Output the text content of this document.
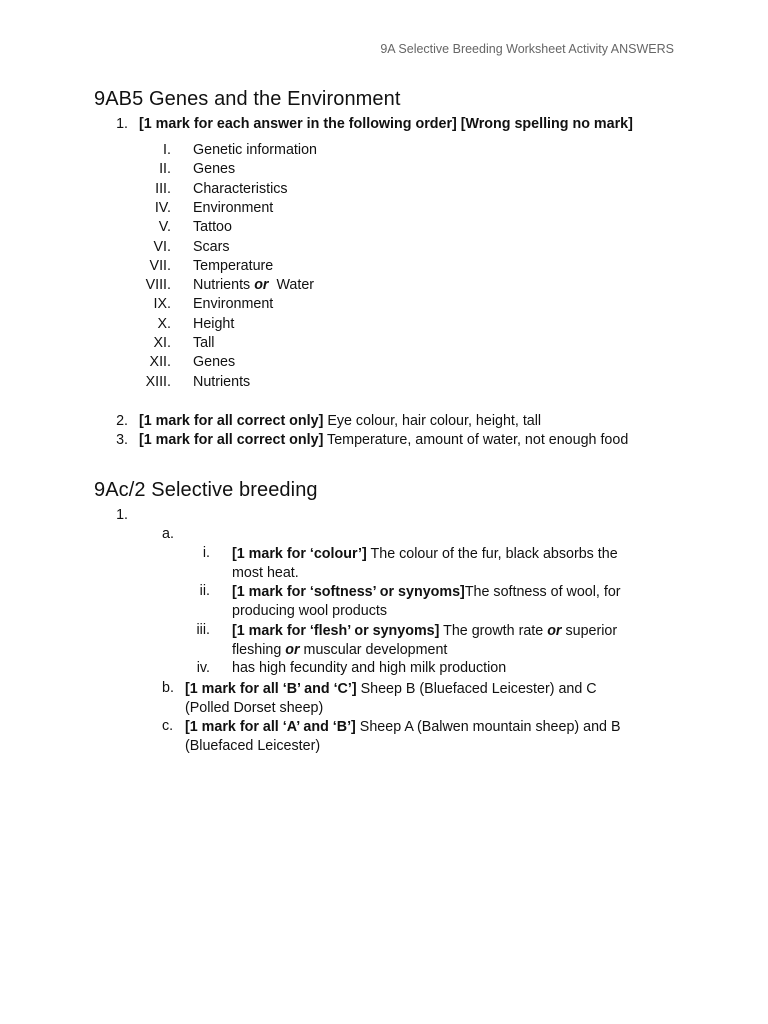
9A Selective Breeding Worksheet Activity ANSWERS
9AB5 Genes and the Environment
1. [1 mark for each answer in the following order] [Wrong spelling no mark]
I. Genetic information
II. Genes
III. Characteristics
IV. Environment
V. Tattoo
VI. Scars
VII. Temperature
VIII. Nutrients or Water
IX. Environment
X. Height
XI. Tall
XII. Genes
XIII. Nutrients
2. [1 mark for all correct only] Eye colour, hair colour, height, tall
3. [1 mark for all correct only] Temperature, amount of water, not enough food
9Ac/2 Selective breeding
1.
a.
i. [1 mark for ‘colour’] The colour of the fur, black absorbs the
most heat.
ii. [1 mark for ‘softness’ or synyoms]The softness of wool, for
producing wool products
iii. [1 mark for ‘flesh’ or synyoms] The growth rate or superior
fleshing or muscular development
iv. has high fecundity and high milk production
b. [1 mark for all ‘B’ and ‘C’] Sheep B (Bluefaced Leicester) and C
(Polled Dorset sheep)
c. [1 mark for all ‘A’ and ‘B’] Sheep A (Balwen mountain sheep) and B
(Bluefaced Leicester)
